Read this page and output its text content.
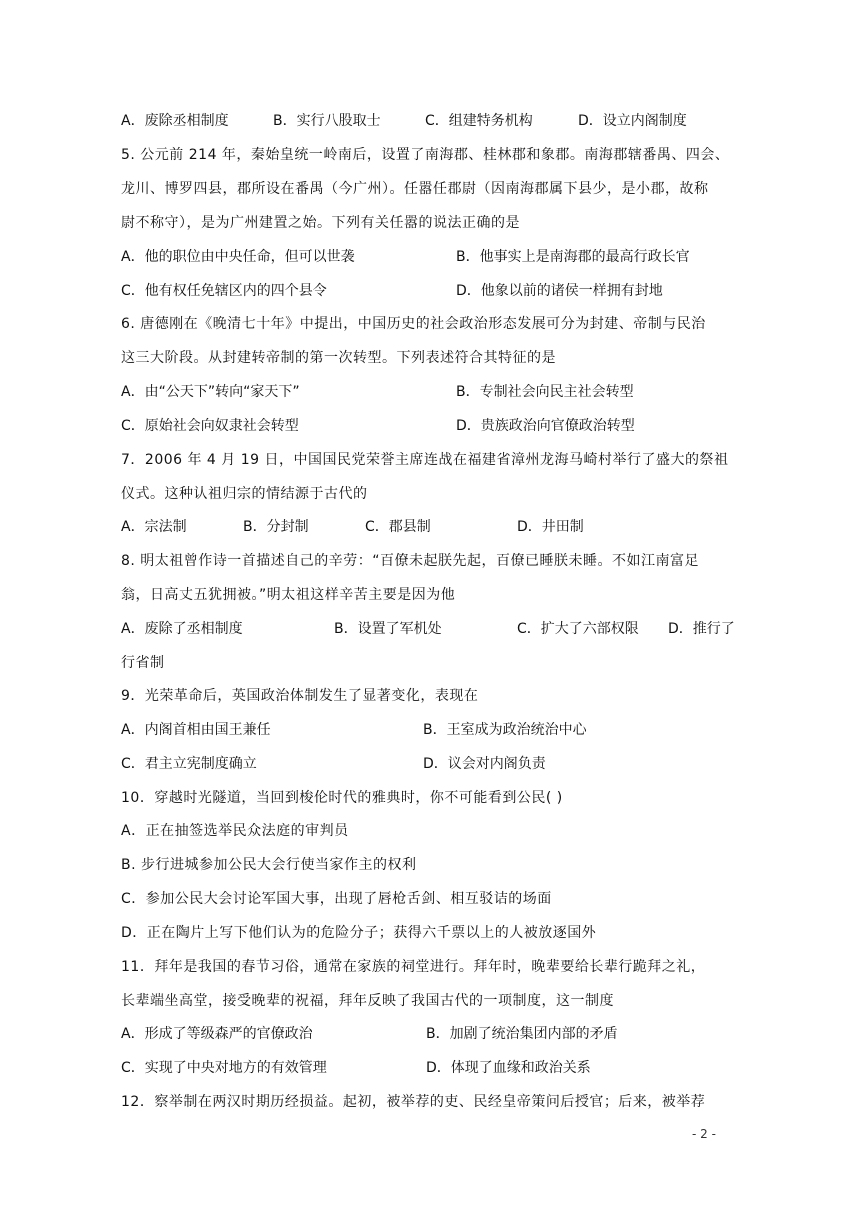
A．废除丞相制度	B．实行八股取士	C．组建特务机构	D．设立内阁制度
5. 公元前 214 年，秦始皇统一岭南后，设置了南海郡、桂林郡和象郡。南海郡辖番禺、四会、
龙川、博罗四县，郡所设在番禺（今广州）。任嚣任郡尉（因南海郡属下县少，是小郡，故称
尉不称守），是为广州建置之始。下列有关任嚣的说法正确的是
A．他的职位由中央任命，但可以世袭	B．他事实上是南海郡的最高行政长官
C．他有权任免辖区内的四个县令	D．他象以前的诸侯一样拥有封地
6. 唐德刚在《晚清七十年》中提出，中国历史的社会政治形态发展可分为封建、帝制与民治
这三大阶段。从封建转帝制的第一次转型。下列表述符合其特征的是
A．由“公天下”转向“家天下”	B．专制社会向民主社会转型
C．原始社会向奴隶社会转型	D．贵族政治向官僚政治转型
7．2006 年 4 月 19 日，中国国民党荣誉主席连战在福建省漳州龙海马崎村举行了盛大的祭祖
仪式。这种认祖归宗的情结源于古代的
A．宗法制	B．分封制	C．郡县制	D．井田制
8. 明太祖曾作诗一首描述自己的辛劳：“百僚未起朕先起，百僚已睡朕未睡。不如江南富足
翁，日高丈五犹拥被。”明太祖这样辛苦主要是因为他
A．废除了丞相制度	B．设置了军机处	C．扩大了六部权限 D．推行了
行省制
9．光荣革命后，英国政治体制发生了显著变化，表现在
A．内阁首相由国王兼任	B．王室成为政治统治中心
C．君主立宪制度确立	D．议会对内阁负责
10．穿越时光隧道，当回到梭伦时代的雅典时，你不可能看到公民( )
A．正在抽签选举民众法庭的审判员
B. 步行进城参加公民大会行使当家作主的权利
C．参加公民大会讨论军国大事，出现了唇枪舌剑、相互驳诘的场面
D．正在陶片上写下他们认为的危险分子；获得六千票以上的人被放逐国外
11．拜年是我国的春节习俗，通常在家族的祠堂进行。拜年时，晚辈要给长辈行跪拜之礼，
长辈端坐高堂，接受晚辈的祝福，拜年反映了我国古代的一项制度，这一制度
A．形成了等级森严的官僚政治	B．加剧了统治集团内部的矛盾
C．实现了中央对地方的有效管理	D．体现了血缘和政治关系
12．察举制在两汉时期历经损益。起初，被举荐的吏、民经皇帝策问后授官；后来，被举荐
- 2 -
